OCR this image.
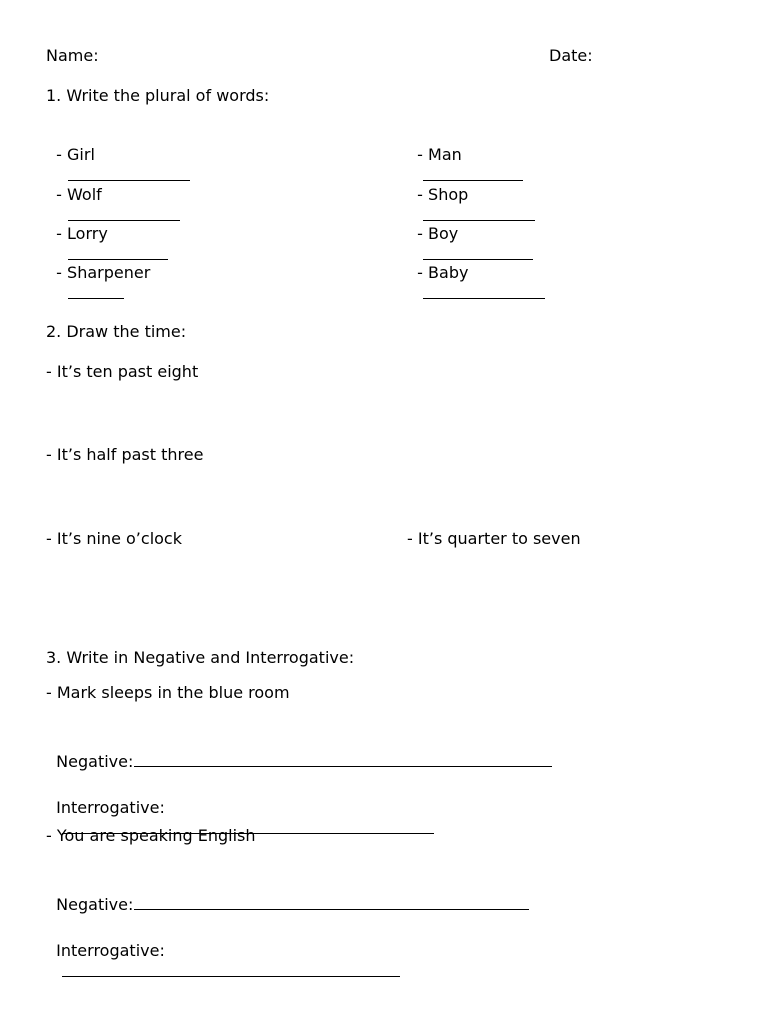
Name:	Date:
1. Write the plural of words:

- Girl
	- Man

- Wolf
	- Shop

- Lorry
	- Boy

- Sharpener
	- Baby

2. Draw the time:
- It’s ten past eight
- It’s half past three
- It’s nine o’clock	- It’s quarter to seven
3. Write in Negative and Interrogative:
- Mark sleeps in the blue room

Negative:

Interrogative:

- You are speaking English

Negative:

Interrogative:
